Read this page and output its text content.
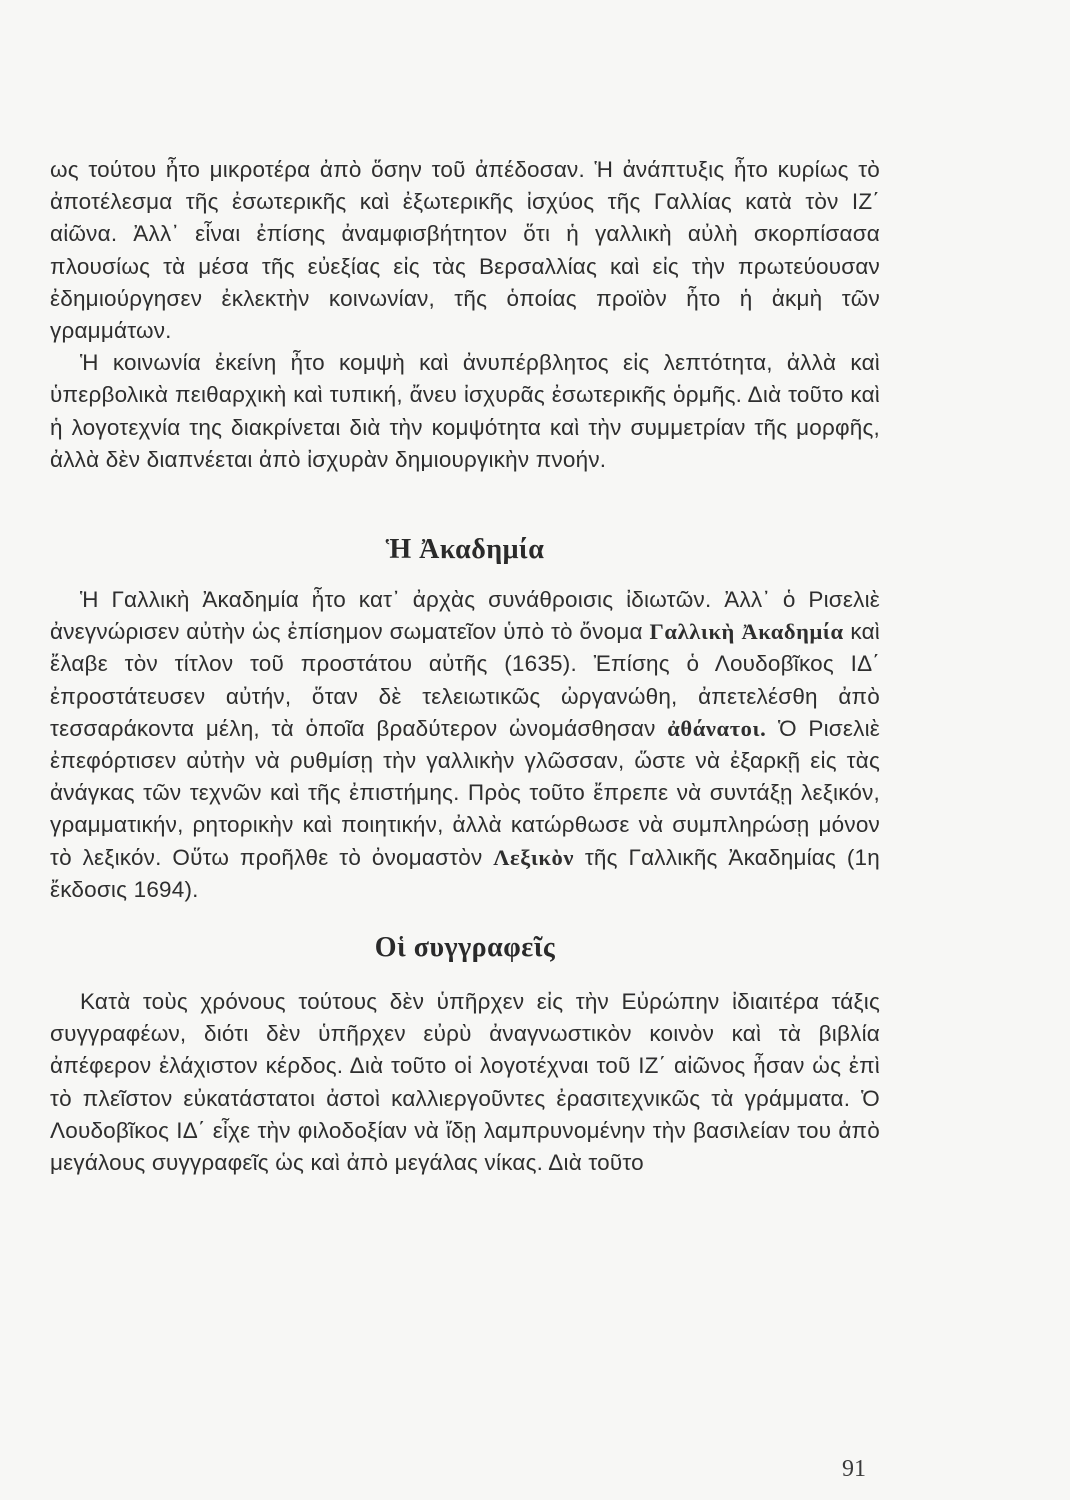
ως τούτου ἦτο μικροτέρα ἀπὸ ὅσην τοῦ ἀπέδοσαν. Ἡ ἀνάπτυξις ἦτο κυρίως τὸ ἀποτέλεσμα τῆς ἐσωτερικῆς καὶ ἐξωτερικῆς ἰσχύος τῆς Γαλλίας κατὰ τὸν ΙΖ΄ αἰῶνα. Ἀλλ᾽ εἶναι ἐπίσης ἀναμφισβήτητον ὅτι ἡ γαλλικὴ αὐλὴ σκορπίσασα πλουσίως τὰ μέσα τῆς εὐεξίας εἰς τὰς Βερσαλλίας καὶ εἰς τὴν πρωτεύουσαν ἐδημιούργησεν ἐκλεκτὴν κοινωνίαν, τῆς ὁποίας προϊὸν ἦτο ἡ ἀκμὴ τῶν γραμμάτων.

Ἡ κοινωνία ἐκείνη ἦτο κομψὴ καὶ ἀνυπέρβλητος εἰς λεπτότητα, ἀλλὰ καὶ ὑπερβολικὰ πειθαρχικὴ καὶ τυπική, ἄνευ ἰσχυρᾶς ἐσωτερικῆς ὁρμῆς. Διὰ τοῦτο καὶ ἡ λογοτεχνία της διακρίνεται διὰ τὴν κομψότητα καὶ τὴν συμμετρίαν τῆς μορφῆς, ἀλλὰ δὲν διαπνέεται ἀπὸ ἰσχυρὰν δημιουργικὴν πνοήν.

Ἡ Ἀκαδημία

Ἡ Γαλλικὴ Ἀκαδημία ἦτο κατ᾽ ἀρχὰς συνάθροισις ἰδιωτῶν. Ἀλλ᾽ ὁ Ρισελιὲ ἀνεγνώρισεν αὐτὴν ὡς ἐπίσημον σωματεῖον ὑπὸ τὸ ὄνομα Γαλλικὴ Ἀκαδημία καὶ ἔλαβε τὸν τίτλον τοῦ προστάτου αὐτῆς (1635). Ἐπίσης ὁ Λουδοβῖκος ΙΔ΄ ἐπροστάτευσεν αὐτήν, ὅταν δὲ τελειωτικῶς ὠργανώθη, ἀπετελέσθη ἀπὸ τεσσαράκοντα μέλη, τὰ ὁποῖα βραδύτερον ὠνομάσθησαν ἀθάνατοι. Ὁ Ρισελιὲ ἐπεφόρτισεν αὐτὴν νὰ ρυθμίσῃ τὴν γαλλικὴν γλῶσσαν, ὥστε νὰ ἐξαρκῇ εἰς τὰς ἀνάγκας τῶν τεχνῶν καὶ τῆς ἐπιστήμης. Πρὸς τοῦτο ἔπρεπε νὰ συντάξῃ λεξικόν, γραμματικήν, ρητορικὴν καὶ ποιητικήν, ἀλλὰ κατώρθωσε νὰ συμπληρώσῃ μόνον τὸ λεξικόν. Οὕτω προῆλθε τὸ ὀνομαστὸν Λεξικὸν τῆς Γαλλικῆς Ἀκαδημίας (1η ἔκδοσις 1694).

Οἱ συγγραφεῖς

Κατὰ τοὺς χρόνους τούτους δὲν ὑπῆρχεν εἰς τὴν Εὐρώπην ἰδιαιτέρα τάξις συγγραφέων, διότι δὲν ὑπῆρχεν εὐρὺ ἀναγνωστικὸν κοινὸν καὶ τὰ βιβλία ἀπέφερον ἐλάχιστον κέρδος. Διὰ τοῦτο οἱ λογοτέχναι τοῦ ΙΖ΄ αἰῶνος ἦσαν ὡς ἐπὶ τὸ πλεῖστον εὐκατάστατοι ἀστοὶ καλλιεργοῦντες ἐρασιτεχνικῶς τὰ γράμματα. Ὁ Λουδοβῖκος ΙΔ΄ εἶχε τὴν φιλοδοξίαν νὰ ἴδῃ λαμπρυνομένην τὴν βασιλείαν του ἀπὸ μεγάλους συγγραφεῖς ὡς καὶ ἀπὸ μεγάλας νίκας. Διὰ τοῦτο

91
